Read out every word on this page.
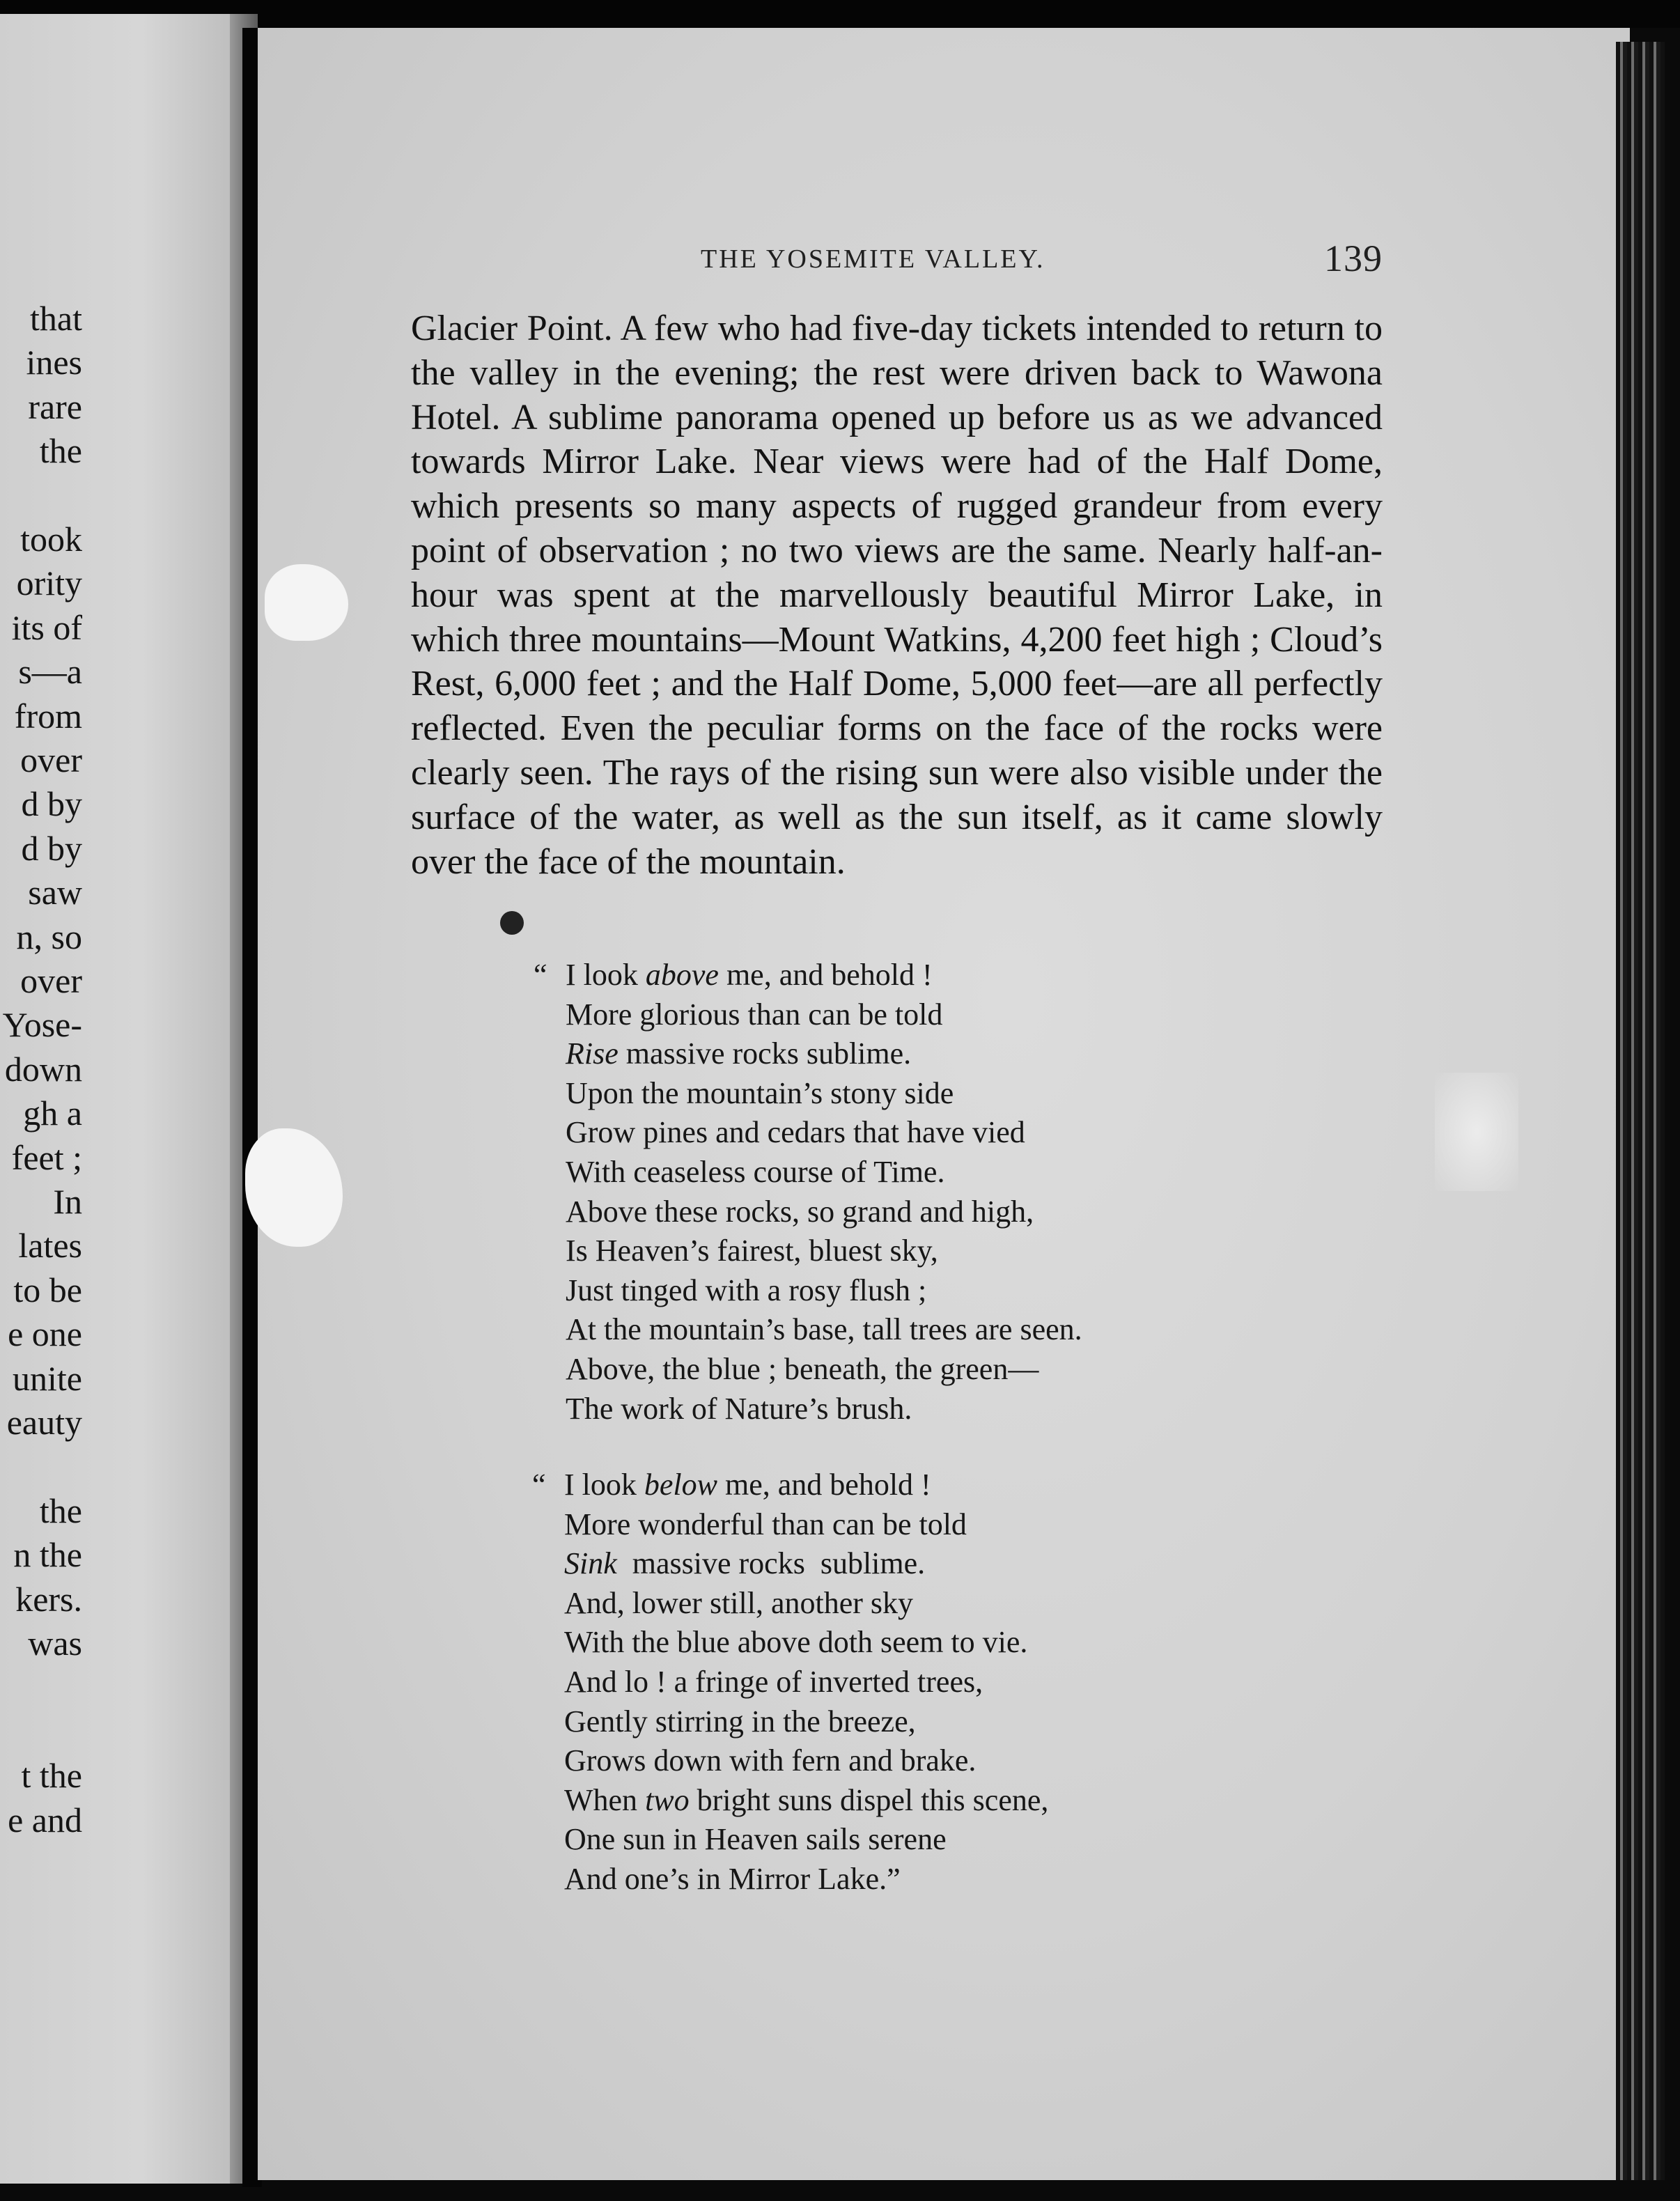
that
ines
rare
the
took
ority
its of
s—a
from
over
d by
d by
saw
n, so
over
Yose-
down
gh a
feet ;
In
lates
to be
e one
unite
eauty
the
n the
kers.
was
t the
e and
THE YOSEMITE VALLEY.	139

Glacier Point. A few who had five-day tickets intended to return to the valley in the evening; the rest were driven back to Wawona Hotel. A sublime panorama opened up before us as we advanced towards Mirror Lake. Near views were had of the Half Dome, which presents so many aspects of rugged grandeur from every point of observation ; no two views are the same. Nearly half-an-hour was spent at the marvellously beautiful Mirror Lake, in which three mountains—Mount Watkins, 4,200 feet high ; Cloud’s Rest, 6,000 feet ; and the Half Dome, 5,000 feet—are all perfectly reflected. Even the peculiar forms on the face of the rocks were clearly seen. The rays of the rising sun were also visible under the surface of the water, as well as the sun itself, as it came slowly over the face of the mountain.

“ I look above me, and behold !
More glorious than can be told
Rise massive rocks sublime.
Upon the mountain’s stony side
Grow pines and cedars that have vied
With ceaseless course of Time.
Above these rocks, so grand and high,
Is Heaven’s fairest, bluest sky,
Just tinged with a rosy flush ;
At the mountain’s base, tall trees are seen.
Above, the blue ; beneath, the green—
The work of Nature’s brush.
“ I look below me, and behold !
More wonderful than can be told
Sink  massive rocks  sublime.
And, lower still, another sky
With the blue above doth seem to vie.
And lo ! a fringe of inverted trees,
Gently stirring in the breeze,
Grows down with fern and brake.
When two bright suns dispel this scene,
One sun in Heaven sails serene
And one’s in Mirror Lake.”
